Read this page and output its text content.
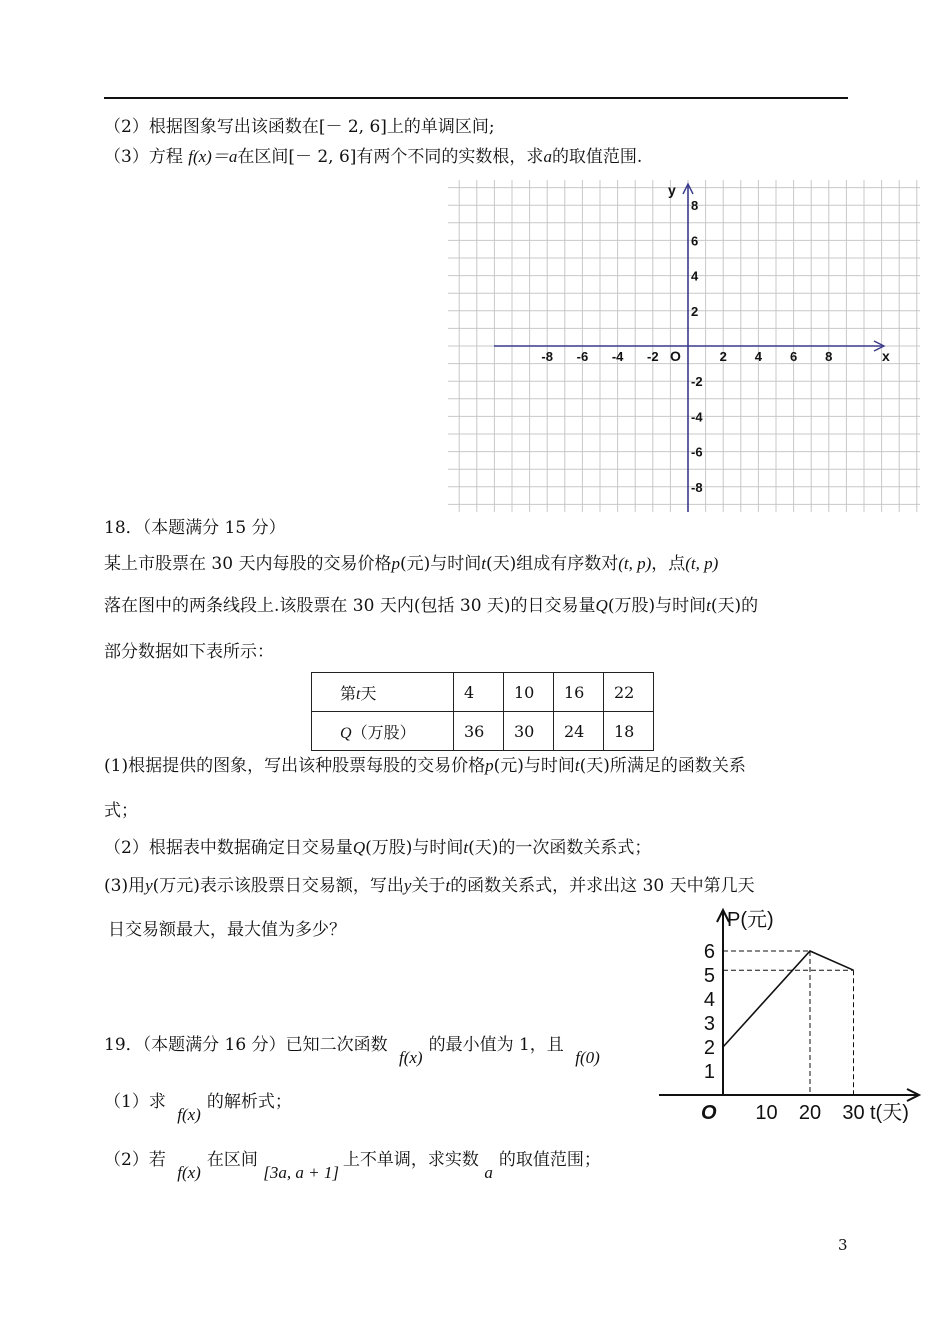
（2）根据图象写出该函数在[－ 2, 6]上的单调区间;
（3）方程 f(x)＝a在区间[－ 2, 6]有两个不同的实数根，求a的取值范围.
-8 -6 -4 -2	2 4 6 8
8
6
4
2
-2
-4
-6
-8
O	x
y
18．（本题满分 15 分）
某上市股票在 30 天内每股的交易价格p(元)与时间t(天)组成有序数对(t, p)，点(t, p)
落在图中的两条线段上.该股票在 30 天内(包括 30 天)的日交易量Q(万股)与时间t(天)的
部分数据如下表所示：
第t天	4	10	16	22
Q（万股）	36	30	24	18
(1)根据提供的图象，写出该种股票每股的交易价格p(元)与时间t(天)所满足的函数关系
式；
（2）根据表中数据确定日交易量Q(万股)与时间t(天)的一次函数关系式；
(3)用y(万元)表示该股票日交易额，写出y关于t的函数关系式，并求出这 30 天中第几天
日交易额最大，最大值为多少？
1
2
3
4
5
6
10 20 30
O
P(元)
t(天)
19．（本题满分 16 分）已知二次函数 f(x)的最小值为 1，且 f(0)
（1）求 f(x)的解析式；
（2）若 f(x)在区间 [3a, a + 1]上不单调，求实数 a的取值范围；
3
